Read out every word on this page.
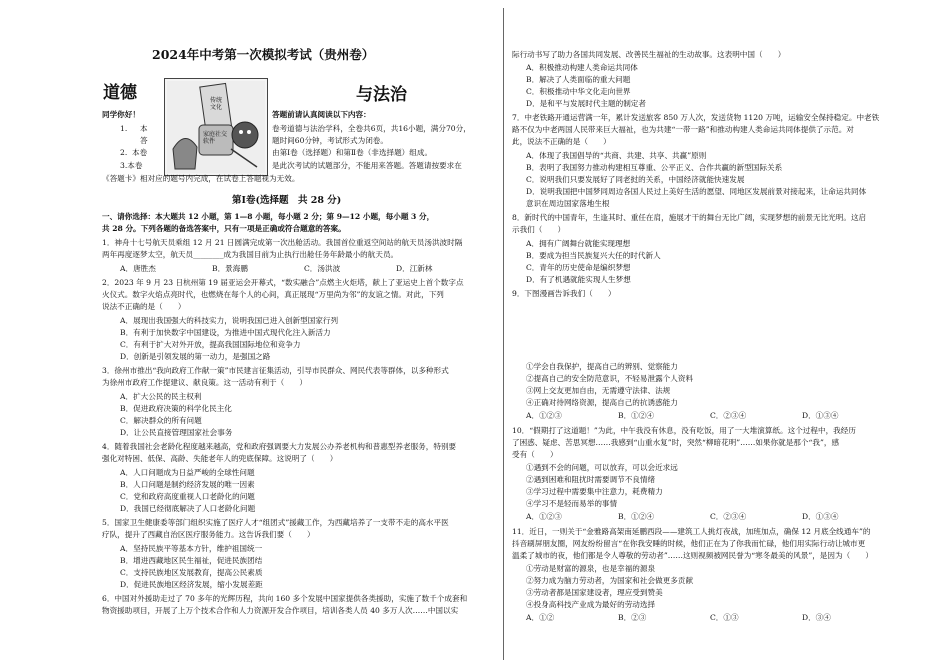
2024年中考第一次模拟考试（贵州卷）
道德	与法治
传统文化
家庭社交软件
同学你好！	答题前请认真阅读以下内容：
1. 本
答
2. 本卷
3.本卷
卷考道德与法治学科，全卷共6页，共16小题，满分70分，
题时间60分钟，考试形式为闭卷。
由第Ⅰ卷（选择题）和第Ⅱ卷（非选择题）组成。
是此次考试的试题部分，不能用来答题。答题请按要求在
《答题卡》相对应的题号内完成，在试卷上答题视为无效。
第Ⅰ卷(选择题　共 28 分)
一、请你选择：本大题共 12 小题，第 1—8 小题，每小题 2 分；第 9—12 小题，每小题 3 分，
共 28 分。下列各题的备选答案中，只有一项是正确或符合题意的答案。
1．神舟十七号航天员乘组 12 月 21 日圆满完成第一次出舱活动。我国首位重返空间站的航天员汤洪波时隔
两年再度逐梦太空，航天员________成为我国目前为止执行出舱任务年龄最小的航天员。
A．唐胜杰	B．景海鹏	C．汤洪波	D．江新林
2．2023 年 9 月 23 日杭州第 19 届亚运会开幕式，“数实融合”点燃主火炬塔，献上了亚运史上首个数字点
火仪式。数字火焰点亮时代，也燃烧在每个人的心间，真正展现“万里尚为邻”的友谊之情。对此，下列
说法不正确的是（　　）
A．展现出我国强大的科技实力，说明我国已进入创新型国家行列
B．有利于加快数字中国建设，为推进中国式现代化注入新活力
C．有利于扩大对外开放，提高我国国际地位和竞争力
D．创新是引领发展的第一动力，是强国之路
3．徐州市推出“我向政府工作献一策”市民建言征集活动，引导市民群众、网民代表等群体，以多种形式
为徐州市政府工作提建议、献良策。这一活动有利于（　　）
A．扩大公民的民主权利
B．促进政府决策的科学化民主化
C．解决群众的所有问题
D．让公民直接管理国家社会事务
4．随着我国社会老龄化程度越来越高，党和政府强调要大力发展公办养老机构和普惠型养老服务，特别要
强化对特困、低保、高龄、失能老年人的兜底保障。这说明了（　　）
A．人口问题成为日益严峻的全球性问题
B．人口问题是制约经济发展的唯一因素
C．党和政府高度重视人口老龄化的问题
D．我国已经彻底解决了人口老龄化问题
5．国家卫生健康委等部门组织实施了医疗人才“组团式”援藏工作，为西藏培养了一支带不走的高水平医
疗队，提升了西藏自治区医疗服务能力。这告诉我们要（　　）
A．坚持民族平等基本方针，维护祖国统一
B．增进西藏地区民生福祉，促进民族团结
C．支持民族地区发展教育，提高公民素质
D．促进民族地区经济发展，缩小发展差距
6．中国对外援助走过了 70 多年的光辉历程，共向 160 多个发展中国家提供各类援助，实施了数千个成套和
物资援助项目，开展了上万个技术合作和人力资源开发合作项目，培训各类人员 40 多万人次……中国以实
际行动书写了助力各国共同发展、改善民生福祉的生动故事。这表明中国（　　）
A．积极推动构建人类命运共同体
B．解决了人类面临的重大问题
C．积极推动中华文化走向世界
D．是和平与发展时代主题的制定者
7．中老铁路开通运营满一年，累计发送旅客 850 万人次，发送货物 1120 万吨，运输安全保持稳定。中老铁
路不仅为中老两国人民带来巨大福祉，也为共建“一带一路”和推动构建人类命运共同体提供了示范。对
此，说法不正确的是（　　）
A．体现了我国倡导的“共商、共建、共享、共赢”原则
B．表明了我国努力推动构建相互尊重、公平正义、合作共赢的新型国际关系
C．说明我们只要发展好了同老挝的关系，中国经济就能快速发展
D．说明我国把中国梦同周边各国人民过上美好生活的愿望、同地区发展前景对接起来，让命运共同体
意识在周边国家落地生根
8．新时代的中国青年，生逢其时、重任在肩，施展才干的舞台无比广阔，实现梦想的前景无比光明。这启
示我们（　　）
A．拥有广阔舞台就能实现理想
B．要成为担当民族复兴大任的时代新人
C．青年的历史使命是编织梦想
D．有了机遇就能实现人生梦想
9．下图漫画告诉我们（　　）
①学会自我保护，提高自己的辨别、觉察能力
②提高自己的安全防范意识，不轻易泄露个人资料
③网上交友更加自由，无需遵守法律、法规
④正确对待网络资源，提高自己的抗诱惑能力
A．①②③	B．①②④	C．②③④	D．①③④
10．“假期打了这道题！”为此，中午我没有休息，没有吃饭，用了一大堆演算纸。这个过程中，我经历
了困惑、疑虑、苦思冥想……我感到“山重水复”时，突然“柳暗花明”……如果你就是那个“我”，感
受有（　　）
①遇到不会的问题，可以放弃，可以会近求远
②遇到困难和阻扰时需要调节不良情绪
③学习过程中需要集中注意力，耗费精力
④学习不是轻而易举的事情
A．①②③	B．①②④	C．②③④	D．①③④
11．近日，一则关于“金雅路高架南延鹏西段——建筑工人挑灯夜战，加班加点，确保 12 月底全线通车”的
抖音刷屏朋友圈，网友纷纷留言“在你我安睡的时候，他们正在为了你我而忙碌，他们用实际行动让城市更
温柔了城市的夜，他们都是令人尊敬的劳动者”……这则视频被网民誉为“寒冬最美的风景”，是因为（　　）
①劳动是财富的源泉，也是幸福的源泉
②努力成为脑力劳动者，为国家和社会做更多贡献
③劳动者都是国家建设者，理应受到赞美
④投身高科技产业成为最好的劳动选择
A．①②	B．②③	C．①③	D．③④
